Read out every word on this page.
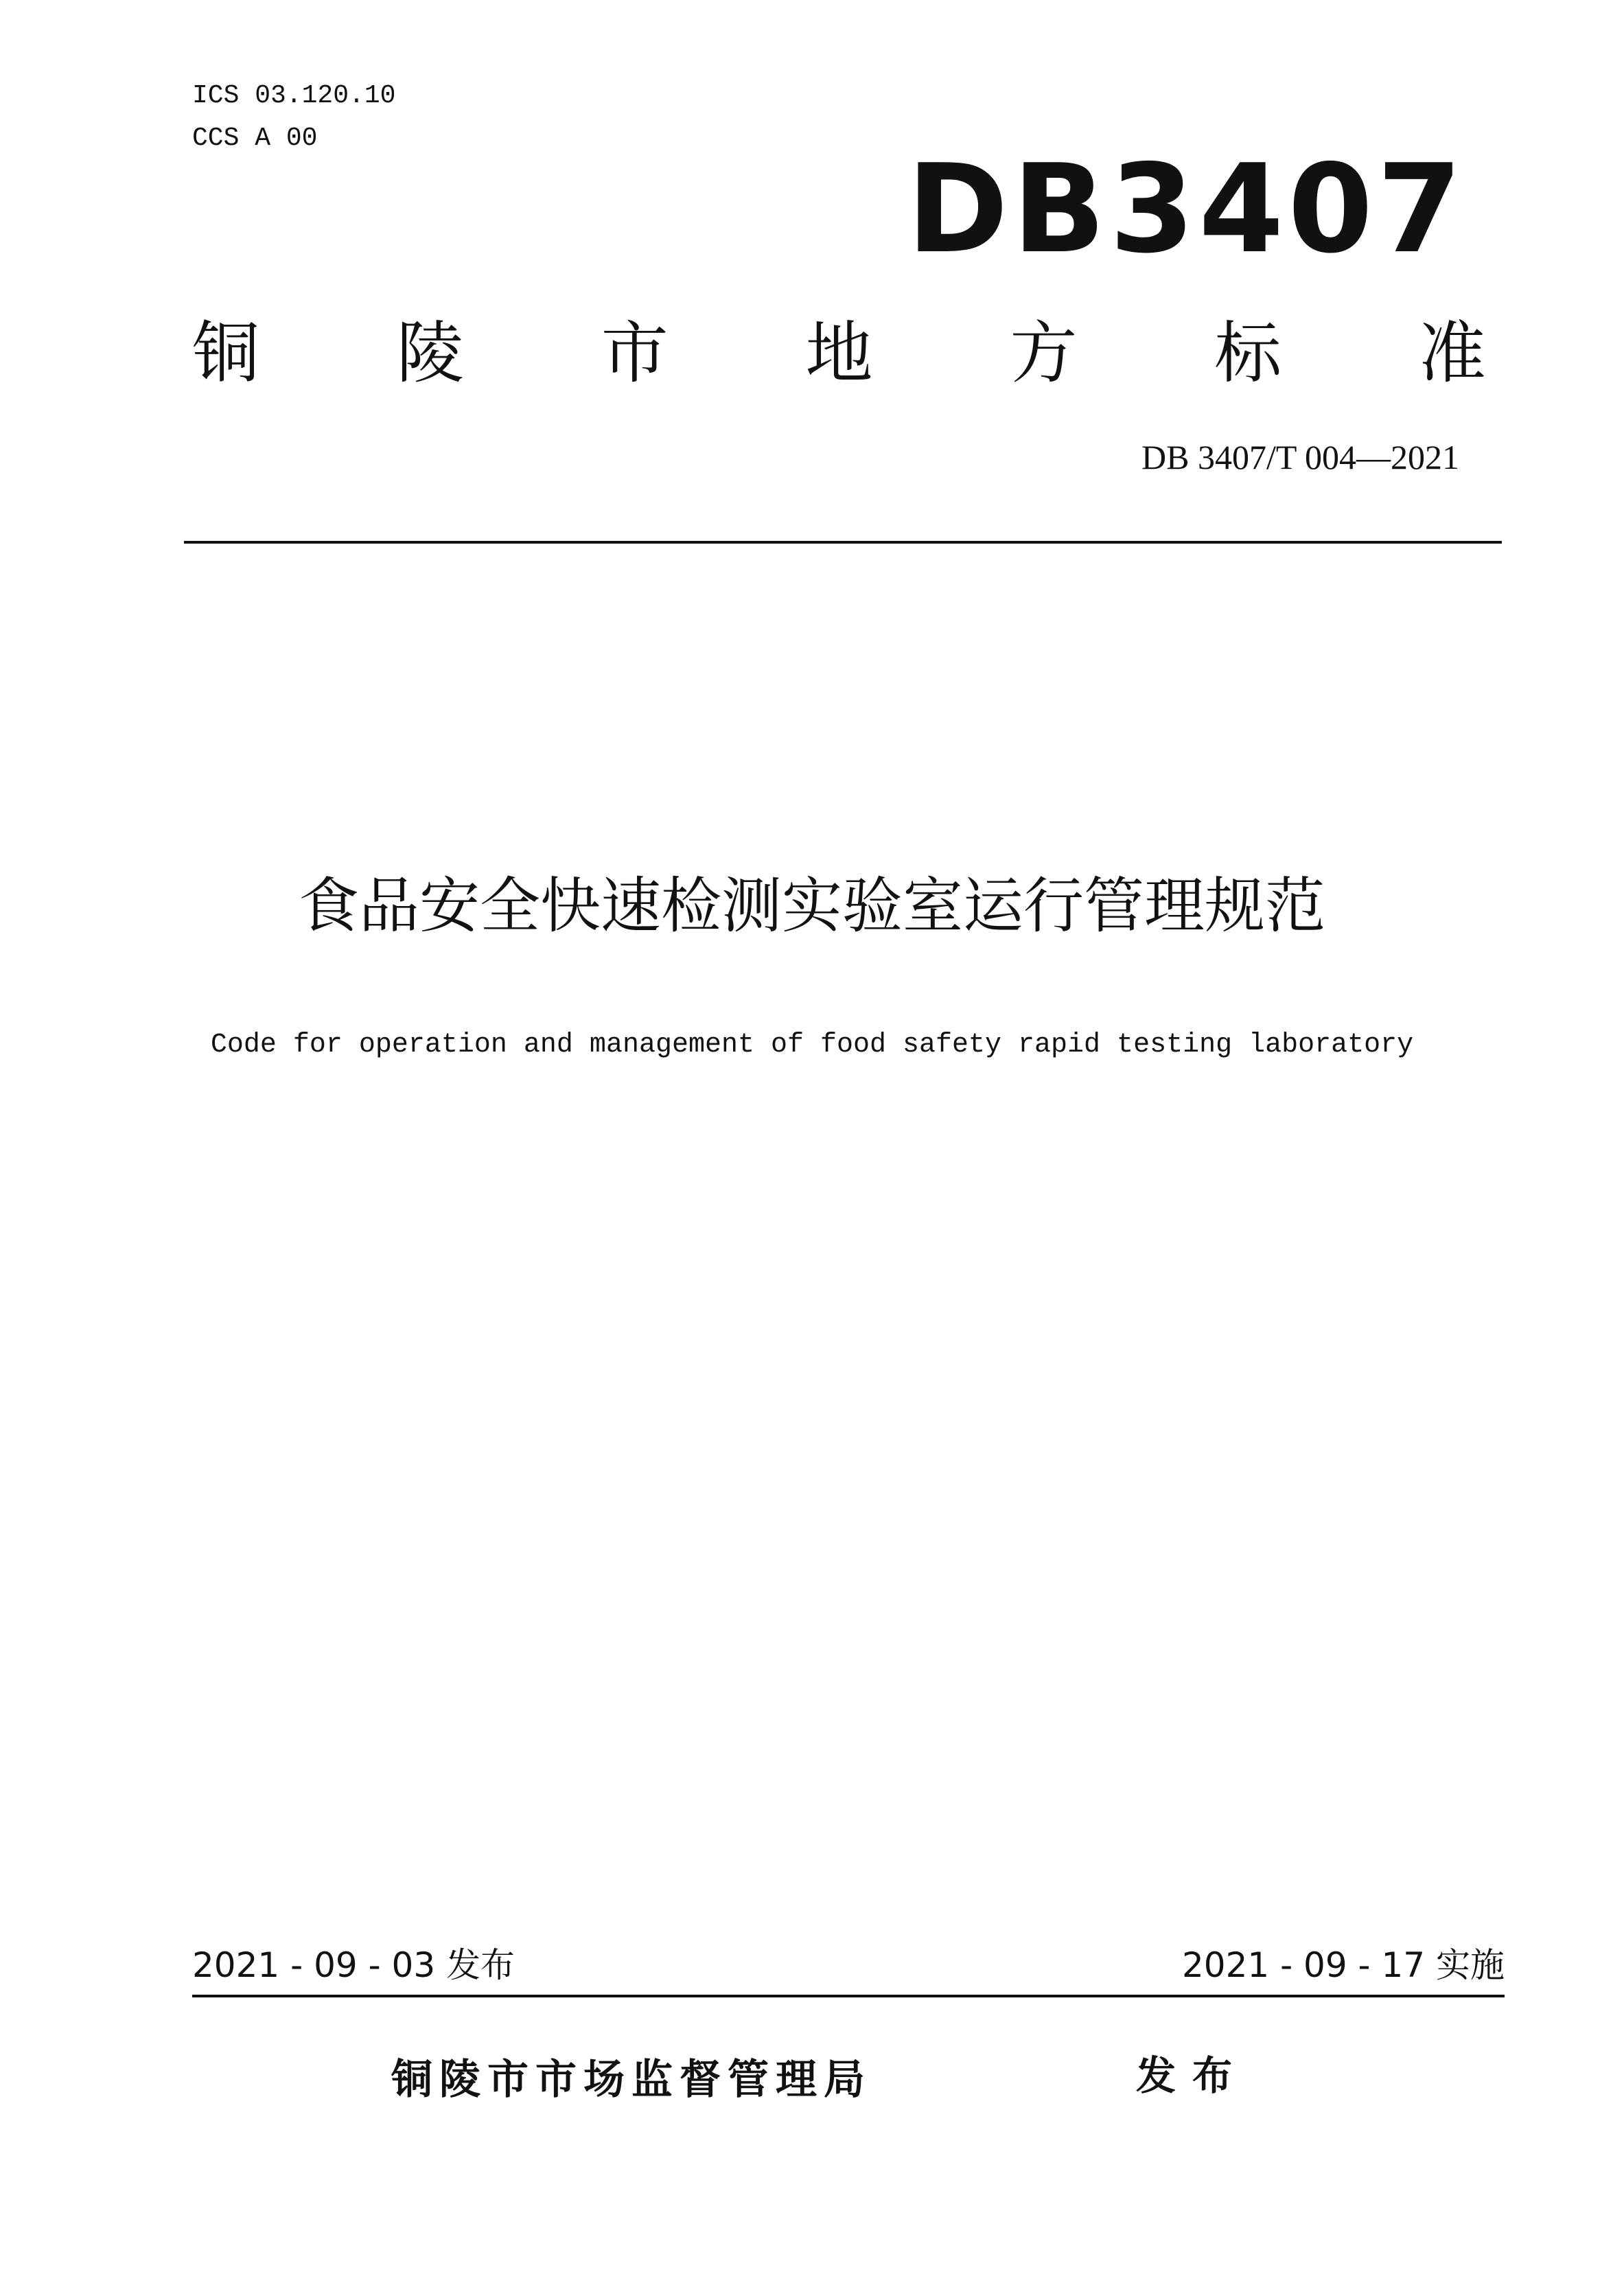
ICS 03.120.10
CCS A 00	DB3407
铜 陵 市 地 方 标 准
DB 3407/T 004—2021
食品安全快速检测实验室运行管理规范
Code for operation and management of food safety rapid testing laboratory
2021 - 09 - 03 发布	2021 - 09 - 17 实施
铜陵市市场监督管理局	发布
